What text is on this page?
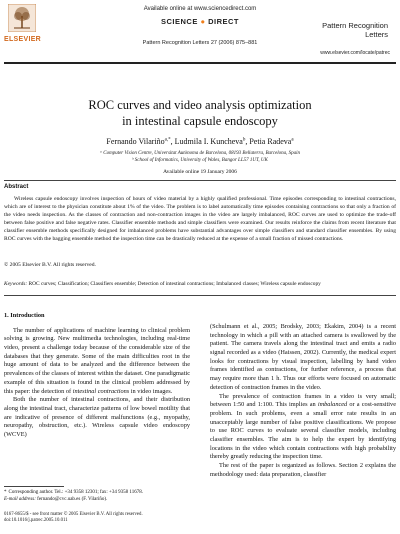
ELSEVIER
Available online at www.sciencedirect.com
SCIENCE ● DIRECT
Pattern Recognition Letters 27 (2006) 875–881
Pattern Recognition
Letters
www.elsevier.com/locate/patrec
ROC curves and video analysis optimization
in intestinal capsule endoscopy
Fernando Vilariño$^{a,*}$, Ludmila I. Kuncheva$^b$, Petia Radeva$^a$
ᵃ Computer Vision Centre, Universitat Autònoma de Barcelona, 08193 Bellaterra, Barcelona, Spain
ᵇ School of Informatics, University of Wales, Bangor LL57 1UT, UK
Available online 19 January 2006
Abstract
Wireless capsule endoscopy involves inspection of hours of video material by a highly qualified professional. Time episodes corresponding to intestinal contractions, which are of interest to the physician constitute about 1% of the video. The problem is to label automatically time episodes containing contractions so that only a fraction of the video needs inspection. As the classes of contraction and non-contraction images in the video are largely imbalanced, ROC curves are used to optimize the trade-off between false positive and false negative rates. Classifier ensemble methods and simple classifiers were examined. Our results reinforce the claims from recent literature that classifier ensemble methods specifically designed for imbalanced problems have substantial advantages over simple classifiers and standard classifier ensembles. By using ROC curves with the bagging ensemble method the inspection time can be drastically reduced at the expense of a small fraction of missed contractions.
© 2005 Elsevier B.V. All rights reserved.
Keywords: ROC curves; Classification; Classifiers ensemble; Detection of intestinal contractions; Imbalanced classes; Wireless capsule endoscopy
1. Introduction

The number of applications of machine learning to clinical problem solving is growing. New multimedia technologies, including real-time video, present a challenge today because of the considerable size of the databases that they generate. Some of the main difficulties root in the huge amount of data to be analyzed and the difference between the prevalences of the classes of interest within the dataset. One paradigmatic example of this situation is found in the clinical problem addressed by this paper: the detection of intestinal contractions in video images.

Both the number of intestinal contractions, and their distribution along the intestinal tract, characterize patterns of low bowel motility that are indicative of presence of different malfunctions (e.g., myopathy, neuropathy, obstruction, etc.). Wireless capsule video endoscopy (WCVE)

(Schulmann et al., 2005; Brodsky, 2003; Ekakim, 2004) is a recent technology in which a pill with an attached camera is swallowed by the patient. The camera travels along the intestinal tract and emits a radio signal recorded as a video (Haissen, 2002). Currently, the medical expert looks for contractions by visual inspection, labelling by hand video frames identified as contractions, for further reference, a process that may require more than 1 h. Thus our efforts were focused on automatic detection of contraction frames in the video.

The prevalence of contraction frames in a video is very small; between 1:50 and 1:100. This implies an imbalanced or a cost-sensitive problem. In such problems, even a small error rate results in an unacceptably large number of false positive classifications. We propose to use ROC curves to evaluate several classifier models, including classifier ensembles. The aim is to help the expert by identifying locations in the video which contain contractions with high probability thereby greatly reducing the inspection time.

The rest of the paper is organized as follows. Section 2 explains the methodology used: data preparation, classifier

* Corresponding author. Tel.: +34 9358 12301; fax: +34 9358 11678.
E-mail address: fernando@cvc.uab.es (F. Vilariño).
0167-8655/$ - see front matter © 2005 Elsevier B.V. All rights reserved.
doi:10.1016/j.patrec.2005.10.011
